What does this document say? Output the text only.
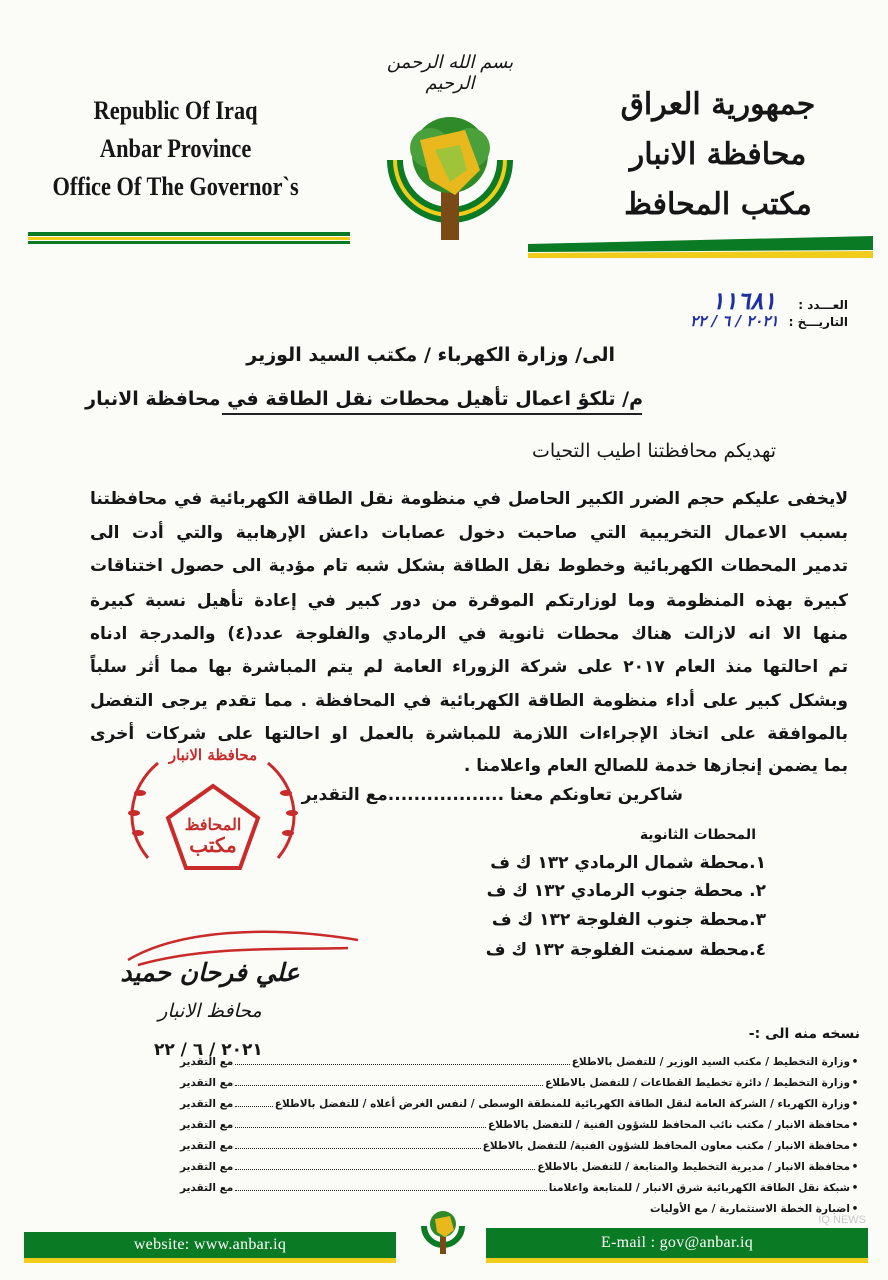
Republic Of Iraq
Anbar Province
Office Of The Governor`s
بسم الله الرحمن الرحيم
جمهورية العراق
محافظة الانبار
مكتب المحافظ
العـــدد : ١١٦٨١
التاريـــخ : ٢٠٢١ / ٦ / ٢٢
الى/ وزارة الكهرباء / مكتب السيد الوزير
م/ تلكؤ اعمال تأهيل محطات نقل الطاقة في محافظة الانبار
تهديكم محافظتنا اطيب التحيات
لايخفى عليكم حجم الضرر الكبير الحاصل في منظومة نقل الطاقة الكهربائية في محافظتنا
بسبب الاعمال التخريبية التي صاحبت دخول عصابات داعش الإرهابية والتي أدت الى
تدمير المحطات الكهربائية وخطوط نقل الطاقة بشكل شبه تام مؤدية الى حصول اختناقات
كبيرة بهذه المنظومة وما لوزارتكم الموقرة من دور كبير في إعادة تأهيل نسبة كبيرة
منها الا انه لازالت هناك محطات ثانوية في الرمادي والفلوجة عدد(٤) والمدرجة ادناه
تم احالتها منذ العام ٢٠١٧ على شركة الزوراء العامة لم يتم المباشرة بها مما أثر سلباً
وبشكل كبير على أداء منظومة الطاقة الكهربائية في المحافظة . مما تقدم يرجى التفضل
بالموافقة على اتخاذ الإجراءات اللازمة للمباشرة بالعمل او احالتها على شركات أخرى
بما يضمن إنجازها خدمة للصالح العام واعلامنا .
شاكرين تعاونكم معنا ..................مع التقدير
محافظة الانبار
المحافظ
مكتب	المحطات الثانوية
١.محطة شمال الرمادي ١٣٢ ك ف
٢. محطة جنوب الرمادي ١٣٢ ك ف
٣.محطة جنوب الفلوجة ١٣٢ ك ف
٤.محطة سمنت الفلوجة ١٣٢ ك ف
علي فرحان حميد
محافظ الانبار
٢٠٢١ / ٦ / ٢٢
نسخه منه الى :-
•
وزارة التخطيط / مكتب السيد الوزير / للتفضل بالاطلاع
مع التقدير
•
وزارة التخطيط / دائرة تخطيط القطاعات / للتفضل بالاطلاع
مع التقدير
•
وزارة الكهرباء / الشركة العامة لنقل الطاقة الكهربائية للمنطقة الوسطى / لنفس الغرض أعلاه / للتفضل بالاطلاع
مع التقدير
•
محافظة الانبار / مكتب نائب المحافظ للشؤون الفنية / للتفضل بالاطلاع
مع التقدير
•
محافظة الانبار / مكتب معاون المحافظ للشؤون الفنية/ للتفضل بالاطلاع
مع التقدير
•
محافظة الانبار / مديرية التخطيط والمتابعة / للتفضل بالاطلاع
مع التقدير
•
شبكة نقل الطاقة الكهربائية شرق الانبار / للمتابعة واعلامنا
مع التقدير
•
اضبارة الخطة الاستثمارية / مع الأوليات
website: www.anbar.iq	E-mail : gov@anbar.iq
IQ NEWS
